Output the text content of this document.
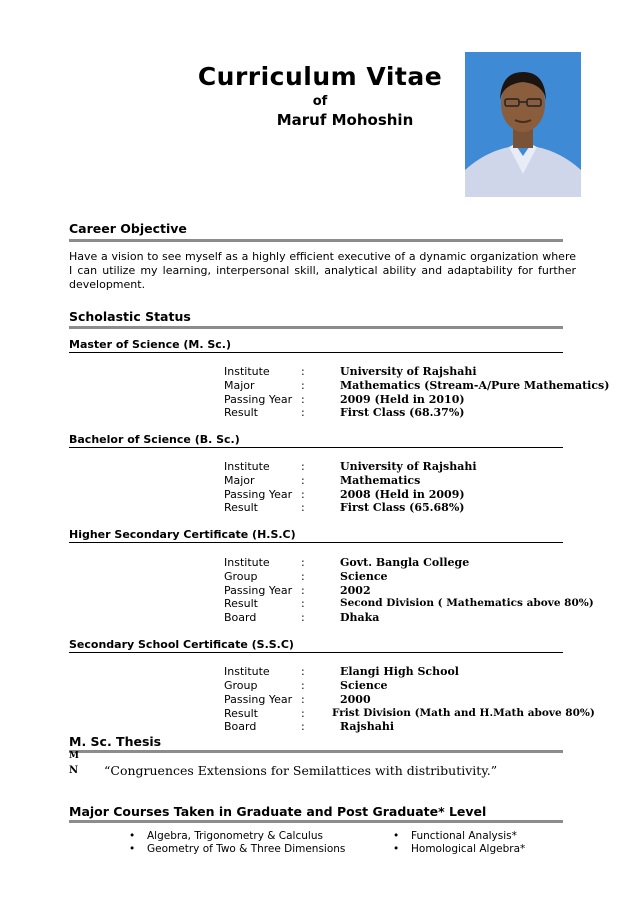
Curriculum Vitae
of
Maruf Mohoshin
Career Objective
Have a vision to see myself as a highly efficient executive of a dynamic organization where I can utilize my learning, interpersonal skill, analytical ability and adaptability for further development.
Scholastic Status
Master of Science (M. Sc.)
Institute	:	University of Rajshahi
Major	:	Mathematics (Stream-A/Pure Mathematics)
Passing Year :	2009 (Held in 2010)
Result	:	First Class (68.37%)
Bachelor of Science (B. Sc.)
Institute	:	University of Rajshahi
Major	:	Mathematics
Passing Year :	2008 (Held in 2009)
Result	:	First Class (65.68%)
Higher Secondary Certificate (H.S.C)
Institute	:	Govt. Bangla College
Group	:	Science
Passing Year :	2002
Result	:	Second Division ( Mathematics above 80%)
Board	:	Dhaka
Secondary School Certificate (S.S.C)
Institute	:	Elangi High School
Group	:	Science
Passing Year :	2000
Result	:	Frist Division (Math and H.Math above 80%)
Board	:	Rajshahi
M. Sc. Thesis
M
N “Congruences Extensions for Semilattices with distributivity.”
Major Courses Taken in Graduate and Post Graduate* Level
• Algebra, Trigonometry & Calculus
• Geometry of Two & Three Dimensions
• Functional Analysis*
• Homological Algebra*
